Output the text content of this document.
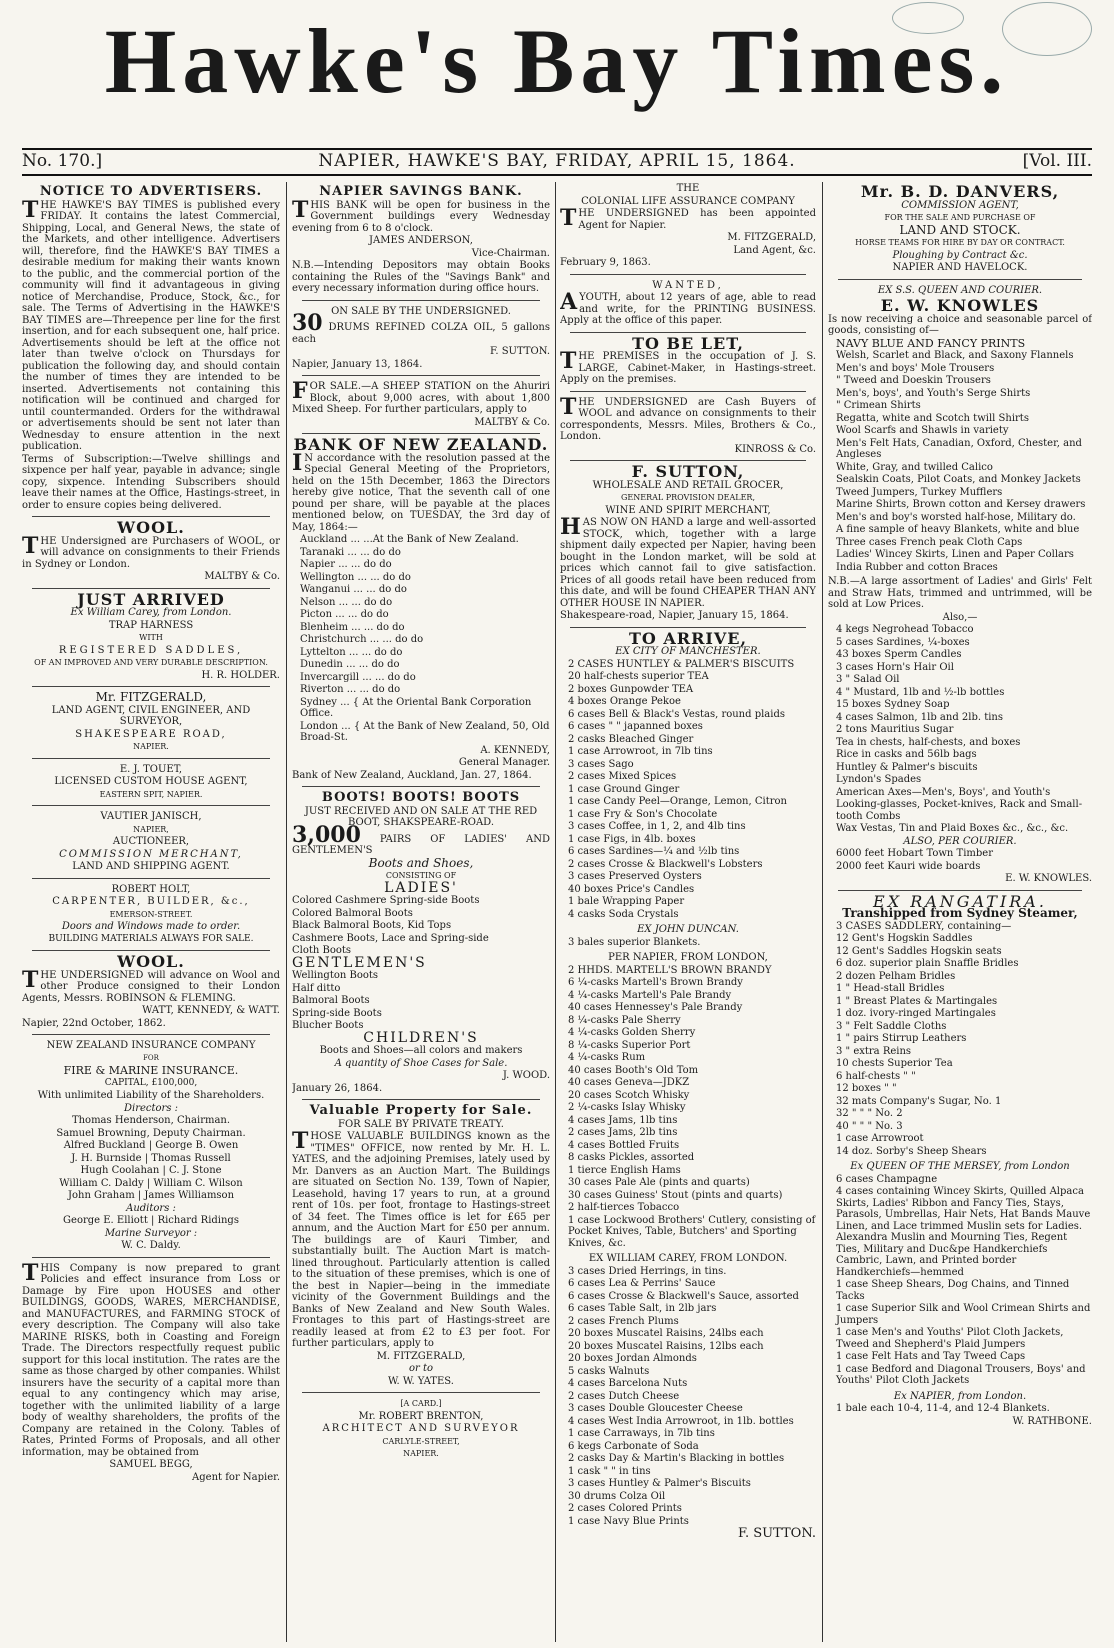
Hawke's Bay Times.
No. 170.]	NAPIER, HAWKE'S BAY, FRIDAY, APRIL 15, 1864.	[Vol. III.
NOTICE TO ADVERTISERS.
THE HAWKE'S BAY TIMES is published every FRIDAY. It contains the latest Commercial, Shipping, Local, and General News, the state of the Markets, and other intelligence. Advertisers will, therefore, find the HAWKE'S BAY TIMES a desirable medium for making their wants known to the public, and the commercial portion of the community will find it advantageous in giving notice of Merchandise, Produce, Stock, &c., for sale. The Terms of Advertising in the HAWKE'S BAY TIMES are—Threepence per line for the first insertion, and for each subsequent one, half price. Advertisements should be left at the office not later than twelve o'clock on Thursdays for publication the following day, and should contain the number of times they are intended to be inserted. Advertisements not containing this notification will be continued and charged for until countermanded. Orders for the withdrawal or advertisements should be sent not later than Wednesday to ensure attention in the next publication.
Terms of Subscription:—Twelve shillings and sixpence per half year, payable in advance; single copy, sixpence. Intending Subscribers should leave their names at the Office, Hastings-street, in order to ensure copies being delivered.
WOOL.
THE Undersigned are Purchasers of WOOL, or will advance on consignments to their Friends in Sydney or London.
MALTBY & Co.
JUST ARRIVED
Ex William Carey, from London.
TRAP HARNESS
WITH
REGISTERED SADDLES,
OF AN IMPROVED AND VERY DURABLE DESCRIPTION.
H. R. HOLDER.
Mr. FITZGERALD,
LAND AGENT, CIVIL ENGINEER, AND SURVEYOR,
SHAKESPEARE ROAD,
NAPIER.
E. J. TOUET,
LICENSED CUSTOM HOUSE AGENT,
EASTERN SPIT, NAPIER.
VAUTIER JANISCH,
NAPIER,
AUCTIONEER,
COMMISSION MERCHANT,
LAND AND SHIPPING AGENT.
ROBERT HOLT,
CARPENTER, BUILDER, &c.,
EMERSON-STREET.
Doors and Windows made to order.
BUILDING MATERIALS ALWAYS FOR SALE.
WOOL.
THE UNDERSIGNED will advance on Wool and other Produce consigned to their London Agents, Messrs. ROBINSON & FLEMING.
WATT, KENNEDY, & WATT.
Napier, 22nd October, 1862.
NEW ZEALAND INSURANCE COMPANY
FOR
FIRE & MARINE INSURANCE.
CAPITAL, £100,000,
With unlimited Liability of the Shareholders.
Directors :
Thomas Henderson, Chairman.
Samuel Browning, Deputy Chairman.
Alfred Buckland | George B. Owen
J. H. Burnside | Thomas Russell
Hugh Coolahan | C. J. Stone
William C. Daldy | William C. Wilson
John Graham | James Williamson
Auditors :
George E. Elliott | Richard Ridings
Marine Surveyor :
W. C. Daldy.
THIS Company is now prepared to grant Policies and effect insurance from Loss or Damage by Fire upon HOUSES and other BUILDINGS, GOODS, WARES, MERCHANDISE, and MANUFACTURES, and FARMING STOCK of every description. The Company will also take MARINE RISKS, both in Coasting and Foreign Trade. The Directors respectfully request public support for this local institution. The rates are the same as those charged by other companies. Whilst insurers have the security of a capital more than equal to any contingency which may arise, together with the unlimited liability of a large body of wealthy shareholders, the profits of the Company are retained in the Colony. Tables of Rates, Printed Forms of Proposals, and all other information, may be obtained from
SAMUEL BEGG,
Agent for Napier.
NAPIER SAVINGS BANK.
THIS BANK will be open for business in the Government buildings every Wednesday evening from 6 to 8 o'clock.
JAMES ANDERSON,
Vice-Chairman.
N.B.—Intending Depositors may obtain Books containing the Rules of the "Savings Bank" and every necessary information during office hours.
ON SALE BY THE UNDERSIGNED.
30 DRUMS REFINED COLZA OIL, 5 gallons each
F. SUTTON.
Napier, January 13, 1864.
FOR SALE.—A SHEEP STATION on the Ahuriri Block, about 9,000 acres, with about 1,800 Mixed Sheep. For further particulars, apply to
MALTBY & Co.
BANK OF NEW ZEALAND.
IN accordance with the resolution passed at the Special General Meeting of the Proprietors, held on the 15th December, 1863 the Directors hereby give notice, That the seventh call of one pound per share, will be payable at the places mentioned below, on TUESDAY, the 3rd day of May, 1864:—
Auckland ... ...At the Bank of New Zealand.
Taranaki ... ... do do
Napier ... ... do do
Wellington ... ... do do
Wanganui ... ... do do
Nelson ... ... do do
Picton ... ... do do
Blenheim ... ... do do
Christchurch ... ... do do
Lyttelton ... ... do do
Dunedin ... ... do do
Invercargill ... ... do do
Riverton ... ... do do
Sydney ... { At the Oriental Bank Corporation Office.
London ... { At the Bank of New Zealand, 50, Old Broad-St.
A. KENNEDY,
General Manager.
Bank of New Zealand, Auckland, Jan. 27, 1864.
BOOTS! BOOTS! BOOTS
JUST RECEIVED AND ON SALE AT THE RED BOOT, SHAKSPEARE-ROAD.
3,000 PAIRS OF LADIES' AND GENTLEMEN'S
Boots and Shoes,
CONSISTING OF
LADIES'
Colored Cashmere Spring-side Boots
Colored Balmoral Boots
Black Balmoral Boots, Kid Tops
Cashmere Boots, Lace and Spring-side
Cloth Boots
GENTLEMEN'S
Wellington Boots
Half ditto
Balmoral Boots
Spring-side Boots
Blucher Boots
CHILDREN'S
Boots and Shoes—all colors and makers
A quantity of Shoe Cases for Sale.
J. WOOD.
January 26, 1864.
Valuable Property for Sale.
FOR SALE BY PRIVATE TREATY.
THOSE VALUABLE BUILDINGS known as the "TIMES" OFFICE, now rented by Mr. H. L. YATES, and the adjoining Premises, lately used by Mr. Danvers as an Auction Mart. The Buildings are situated on Section No. 139, Town of Napier, Leasehold, having 17 years to run, at a ground rent of 10s. per foot, frontage to Hastings-street of 34 feet. The Times office is let for £65 per annum, and the Auction Mart for £50 per annum. The buildings are of Kauri Timber, and substantially built. The Auction Mart is match-lined throughout. Particularly attention is called to the situation of these premises, which is one of the best in Napier—being in the immediate vicinity of the Government Buildings and the Banks of New Zealand and New South Wales. Frontages to this part of Hastings-street are readily leased at from £2 to £3 per foot. For further particulars, apply to
M. FITZGERALD,
or to
W. W. YATES.
[A CARD.]
Mr. ROBERT BRENTON,
ARCHITECT AND SURVEYOR
CARLYLE-STREET,
NAPIER.
THE
COLONIAL LIFE ASSURANCE COMPANY
THE UNDERSIGNED has been appointed Agent for Napier.
M. FITZGERALD,
Land Agent, &c.
February 9, 1863.
WANTED,
AYOUTH, about 12 years of age, able to read and write, for the PRINTING BUSINESS. Apply at the office of this paper.
TO BE LET,
THE PREMISES in the occupation of J. S. LARGE, Cabinet-Maker, in Hastings-street. Apply on the premises.
THE UNDERSIGNED are Cash Buyers of WOOL and advance on consignments to their correspondents, Messrs. Miles, Brothers & Co., London.
KINROSS & Co.
F. SUTTON,
WHOLESALE AND RETAIL GROCER,
GENERAL PROVISION DEALER,
WINE AND SPIRIT MERCHANT,
HAS NOW ON HAND a large and well-assorted STOCK, which, together with a large shipment daily expected per Napier, having been bought in the London market, will be sold at prices which cannot fail to give satisfaction. Prices of all goods retail have been reduced from this date, and will be found CHEAPER THAN ANY OTHER HOUSE IN NAPIER.
Shakespeare-road, Napier, January 15, 1864.
TO ARRIVE,
EX CITY OF MANCHESTER.
2 CASES HUNTLEY & PALMER'S BISCUITS
20 half-chests superior TEA
2 boxes Gunpowder TEA
4 boxes Orange Pekoe
6 cases Bell & Black's Vestas, round plaids
6 cases " " japanned boxes
2 casks Bleached Ginger
1 case Arrowroot, in 7lb tins
3 cases Sago
2 cases Mixed Spices
1 case Ground Ginger
1 case Candy Peel—Orange, Lemon, Citron
1 case Fry & Son's Chocolate
3 cases Coffee, in 1, 2, and 4lb tins
1 case Figs, in 4lb. boxes
6 cases Sardines—¼ and ½lb tins
2 cases Crosse & Blackwell's Lobsters
3 cases Preserved Oysters
40 boxes Price's Candles
1 bale Wrapping Paper
4 casks Soda Crystals
EX JOHN DUNCAN.
3 bales superior Blankets.
PER NAPIER, FROM LONDON,
2 HHDS. MARTELL'S BROWN BRANDY
6 ¼-casks Martell's Brown Brandy
4 ¼-casks Martell's Pale Brandy
40 cases Hennessey's Pale Brandy
8 ¼-casks Pale Sherry
4 ¼-casks Golden Sherry
8 ¼-casks Superior Port
4 ¼-casks Rum
40 cases Booth's Old Tom
40 cases Geneva—JDKZ
20 cases Scotch Whisky
2 ¼-casks Islay Whisky
4 cases Jams, 1lb tins
2 cases Jams, 2lb tins
4 cases Bottled Fruits
8 casks Pickles, assorted
1 tierce English Hams
30 cases Pale Ale (pints and quarts)
30 cases Guiness' Stout (pints and quarts)
2 half-tierces Tobacco
1 case Lockwood Brothers' Cutlery, consisting of Pocket Knives, Table, Butchers' and Sporting Knives, &c.
EX WILLIAM CAREY, FROM LONDON.
3 cases Dried Herrings, in tins.
6 cases Lea & Perrins' Sauce
6 cases Crosse & Blackwell's Sauce, assorted
6 cases Table Salt, in 2lb jars
2 cases French Plums
20 boxes Muscatel Raisins, 24lbs each
20 boxes Muscatel Raisins, 12lbs each
20 boxes Jordan Almonds
5 casks Walnuts
4 cases Barcelona Nuts
2 cases Dutch Cheese
3 cases Double Gloucester Cheese
4 cases West India Arrowroot, in 1lb. bottles
1 case Carraways, in 7lb tins
6 kegs Carbonate of Soda
2 casks Day & Martin's Blacking in bottles
1 cask " " in tins
3 cases Huntley & Palmer's Biscuits
30 drums Colza Oil
2 cases Colored Prints
1 case Navy Blue Prints
F. SUTTON.
Mr. B. D. DANVERS,
COMMISSION AGENT,
FOR THE SALE AND PURCHASE OF
LAND AND STOCK.
HORSE TEAMS FOR HIRE BY DAY OR CONTRACT.
Ploughing by Contract &c.
NAPIER AND HAVELOCK.
EX S.S. QUEEN AND COURIER.
E. W. KNOWLES
Is now receiving a choice and seasonable parcel of goods, consisting of—
NAVY BLUE AND FANCY PRINTS
Welsh, Scarlet and Black, and Saxony Flannels
Men's and boys' Mole Trousers
" Tweed and Doeskin Trousers
Men's, boys', and Youth's Serge Shirts
" Crimean Shirts
Regatta, white and Scotch twill Shirts
Wool Scarfs and Shawls in variety
Men's Felt Hats, Canadian, Oxford, Chester, and Angleses
White, Gray, and twilled Calico
Sealskin Coats, Pilot Coats, and Monkey Jackets
Tweed Jumpers, Turkey Mufflers
Marine Shirts, Brown cotton and Kersey drawers
Men's and boy's worsted half-hose, Military do.
A fine sample of heavy Blankets, white and blue
Three cases French peak Cloth Caps
Ladies' Wincey Skirts, Linen and Paper Collars
India Rubber and cotton Braces
N.B.—A large assortment of Ladies' and Girls' Felt and Straw Hats, trimmed and untrimmed, will be sold at Low Prices.
Also,—
4 kegs Negrohead Tobacco
5 cases Sardines, ¼-boxes
43 boxes Sperm Candles
3 cases Horn's Hair Oil
3 " Salad Oil
4 " Mustard, 1lb and ½-lb bottles
15 boxes Sydney Soap
4 cases Salmon, 1lb and 2lb. tins
2 tons Mauritius Sugar
Tea in chests, half-chests, and boxes
Rice in casks and 56lb bags
Huntley & Palmer's biscuits
Lyndon's Spades
American Axes—Men's, Boys', and Youth's
Looking-glasses, Pocket-knives, Rack and Small-tooth Combs
Wax Vestas, Tin and Plaid Boxes &c., &c., &c.
ALSO, PER COURIER.
6000 feet Hobart Town Timber
2000 feet Kauri wide boards
E. W. KNOWLES.
EX RANGATIRA.
Transhipped from Sydney Steamer,
3 CASES SADDLERY, containing—
12 Gent's Hogskin Saddles
12 Gent's Saddles Hogskin seats
6 doz. superior plain Snaffle Bridles
2 dozen Pelham Bridles
1 " Head-stall Bridles
1 " Breast Plates & Martingales
1 doz. ivory-ringed Martingales
3 " Felt Saddle Cloths
1 " pairs Stirrup Leathers
3 " extra Reins
10 chests Superior Tea
6 half-chests " "
12 boxes " "
32 mats Company's Sugar, No. 1
32 " " " No. 2
40 " " " No. 3
1 case Arrowroot
14 doz. Sorby's Sheep Shears
Ex QUEEN OF THE MERSEY, from London
6 cases Champagne
4 cases containing Wincey Skirts, Quilled Alpaca Skirts, Ladies' Ribbon and Fancy Ties, Stays, Parasols, Umbrellas, Hair Nets, Hat Bands Mauve Linen, and Lace trimmed Muslin sets for Ladies. Alexandra Muslin and Mourning Ties, Regent Ties, Military and Duc&pe Handkerchiefs Cambric, Lawn, and Printed border Handkerchiefs—hemmed
1 case Sheep Shears, Dog Chains, and Tinned Tacks
1 case Superior Silk and Wool Crimean Shirts and Jumpers
1 case Men's and Youths' Pilot Cloth Jackets, Tweed and Shepherd's Plaid Jumpers
1 case Felt Hats and Tay Tweed Caps
1 case Bedford and Diagonal Trousers, Boys' and Youths' Pilot Cloth Jackets
Ex NAPIER, from London.
1 bale each 10-4, 11-4, and 12-4 Blankets.
W. RATHBONE.
